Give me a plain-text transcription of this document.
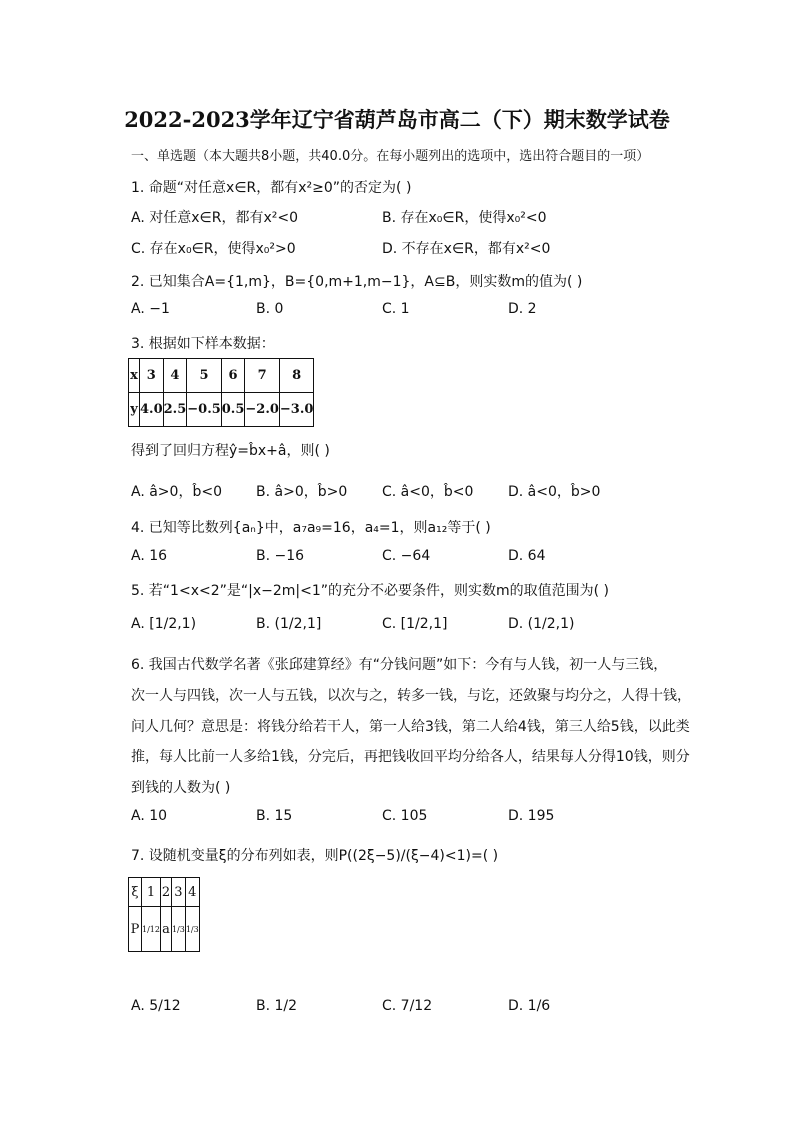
2022-2023学年辽宁省葫芦岛市高二（下）期末数学试卷
一、单选题（本大题共8小题，共40.0分。在每小题列出的选项中，选出符合题目的一项）
1. 命题“对任意x∈R，都有x²≥0”的否定为( )
A. 对任意x∈R，都有x²<0	B. 存在x₀∈R，使得x₀²<0
C. 存在x₀∈R，使得x₀²>0	D. 不存在x∈R，都有x²<0
2. 已知集合A={1,m}，B={0,m+1,m−1}，A⊆B，则实数m的值为( )
A. −1	B. 0	C. 1	D. 2
3. 根据如下样本数据：
x	3	4	5	6	7	8
y	4.0	2.5	−0.5	0.5	−2.0	−3.0
得到了回归方程ŷ=b̂x+â，则( )
A. â>0，b̂<0 B. â>0，b̂>0 C. â<0，b̂<0 D. â<0，b̂>0
4. 已知等比数列{aₙ}中，a₇a₉=16，a₄=1，则a₁₂等于( )
A. 16	B. −16	C. −64	D. 64
5. 若“1<x<2”是“|x−2m|<1”的充分不必要条件，则实数m的取值范围为( )
A. [1/2,1)	B. (1/2,1]	C. [1/2,1]	D. (1/2,1)
6. 我国古代数学名著《张邱建算经》有“分钱问题”如下：今有与人钱，初一人与三钱，
次一人与四钱，次一人与五钱，以次与之，转多一钱，与讫，还敛聚与均分之，人得十钱，
问人几何？意思是：将钱分给若干人，第一人给3钱，第二人给4钱，第三人给5钱，以此类
推，每人比前一人多给1钱，分完后，再把钱收回平均分给各人，结果每人分得10钱，则分
到钱的人数为( )
A. 10	B. 15	C. 105	D. 195
7. 设随机变量ξ的分布列如表，则P((2ξ−5)/(ξ−4)<1)=( )
ξ	1	2	3	4
P	1/12	a	1/3	1/3
A. 5/12	B. 1/2	C. 7/12	D. 1/6
